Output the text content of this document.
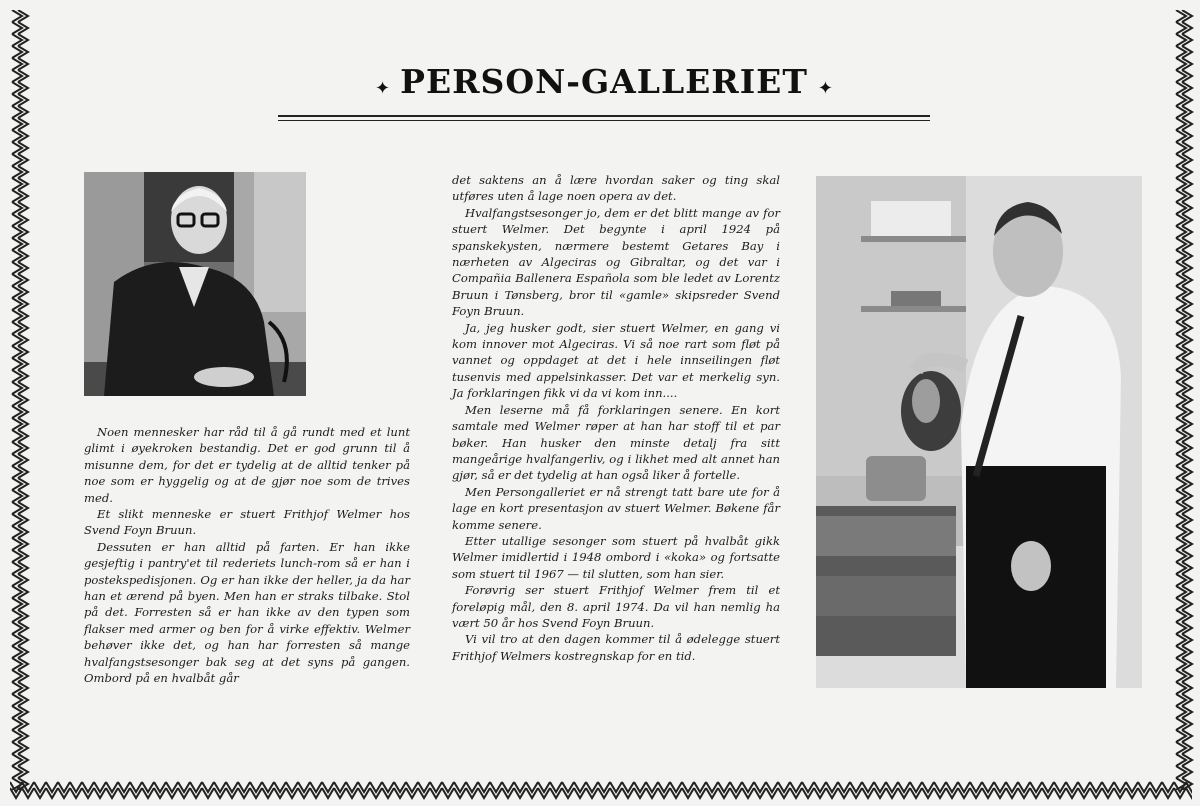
✦ PERSON-GALLERIET ✦

Noen mennesker har råd til å gå rundt med et lunt glimt i øyekroken bestandig. Det er god grunn til å misunne dem, for det er tydelig at de alltid tenker på noe som er hyggelig og at de gjør noe som de trives med.

Et slikt menneske er stuert Frithjof Welmer hos Svend Foyn Bruun.

Dessuten er han alltid på farten. Er han ikke gesjeftig i pantry'et til rederiets lunch-rom så er han i postekspedisjonen. Og er han ikke der heller, ja da har han et ærend på byen. Men han er straks tilbake. Stol på det. Forresten så er han ikke av den typen som flakser med armer og ben for å virke effektiv. Welmer behøver ikke det, og han har forresten så mange hvalfangstsesonger bak seg at det syns på gangen. Ombord på en hvalbåt går

det saktens an å lære hvordan saker og ting skal utføres uten å lage noen opera av det.

Hvalfangstsesonger jo, dem er det blitt mange av for stuert Welmer. Det begynte i april 1924 på spanskekysten, nærmere bestemt Getares Bay i nærheten av Algeciras og Gibraltar, og det var i Compañia Ballenera Española som ble ledet av Lorentz Bruun i Tønsberg, bror til «gamle» skipsreder Svend Foyn Bruun.

Ja, jeg husker godt, sier stuert Welmer, en gang vi kom innover mot Algeciras. Vi så noe rart som fløt på vannet og oppdaget at det i hele innseilingen fløt tusenvis med appelsinkasser. Det var et merkelig syn. Ja forklaringen fikk vi da vi kom inn....

Men leserne må få forklaringen senere. En kort samtale med Welmer røper at han har stoff til et par bøker. Han husker den minste detalj fra sitt mangeårige hvalfangerliv, og i likhet med alt annet han gjør, så er det tydelig at han også liker å fortelle.

Men Persongalleriet er nå strengt tatt bare ute for å lage en kort presentasjon av stuert Welmer. Bøkene får komme senere.

Etter utallige sesonger som stuert på hvalbåt gikk Welmer imidlertid i 1948 ombord i «koka» og fortsatte som stuert til 1967 — til slutten, som han sier.

Forøvrig ser stuert Frithjof Welmer frem til et foreløpig mål, den 8. april 1974. Da vil han nemlig ha vært 50 år hos Svend Foyn Bruun.

Vi vil tro at den dagen kommer til å ødelegge stuert Frithjof Welmers kostregnskap for en tid.
